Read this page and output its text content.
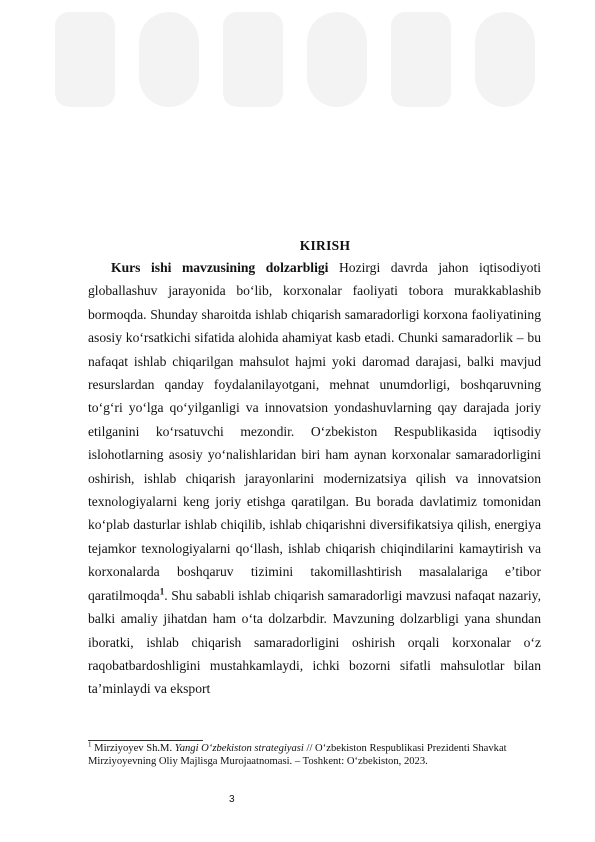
KIRISH

Kurs ishi mavzusining dolzarbligi Hozirgi davrda jahon iqtisodiyoti globallashuv jarayonida bo‘lib, korxonalar faoliyati tobora murakkablashib bormoqda. Shunday sharoitda ishlab chiqarish samaradorligi korxona faoliyatining asosiy ko‘rsatkichi sifatida alohida ahamiyat kasb etadi. Chunki samaradorlik – bu nafaqat ishlab chiqarilgan mahsulot hajmi yoki daromad darajasi, balki mavjud resurslardan qanday foydalanilayotgani, mehnat unumdorligi, boshqaruvning to‘g‘ri yo‘lga qo‘yilganligi va innovatsion yondashuvlarning qay darajada joriy etilganini ko‘rsatuvchi mezondir. O‘zbekiston Respublikasida iqtisodiy islohotlarning asosiy yo‘nalishlaridan biri ham aynan korxonalar samaradorligini oshirish, ishlab chiqarish jarayonlarini modernizatsiya qilish va innovatsion texnologiyalarni keng joriy etishga qaratilgan. Bu borada davlatimiz tomonidan ko‘plab dasturlar ishlab chiqilib, ishlab chiqarishni diversifikatsiya qilish, energiya tejamkor texnologiyalarni qo‘llash, ishlab chiqarish chiqindilarini kamaytirish va korxonalarda boshqaruv tizimini takomillashtirish masalalariga e’tibor qaratilmoqda$^1$. Shu sababli ishlab chiqarish samaradorligi mavzusi nafaqat nazariy, balki amaliy jihatdan ham o‘ta dolzarbdir. Mavzuning dolzarbligi yana shundan iboratki, ishlab chiqarish samaradorligini oshirish orqali korxonalar o‘z raqobatbardoshligini mustahkamlaydi, ichki bozorni sifatli mahsulotlar bilan ta’minlaydi va eksport

$^1$ Mirziyoyev Sh.M. Yangi O‘zbekiston strategiyasi // O‘zbekiston Respublikasi Prezidenti Shavkat Mirziyoyevning Oliy Majlisga Murojaatnomasi. – Toshkent: O‘zbekiston, 2023.
3
